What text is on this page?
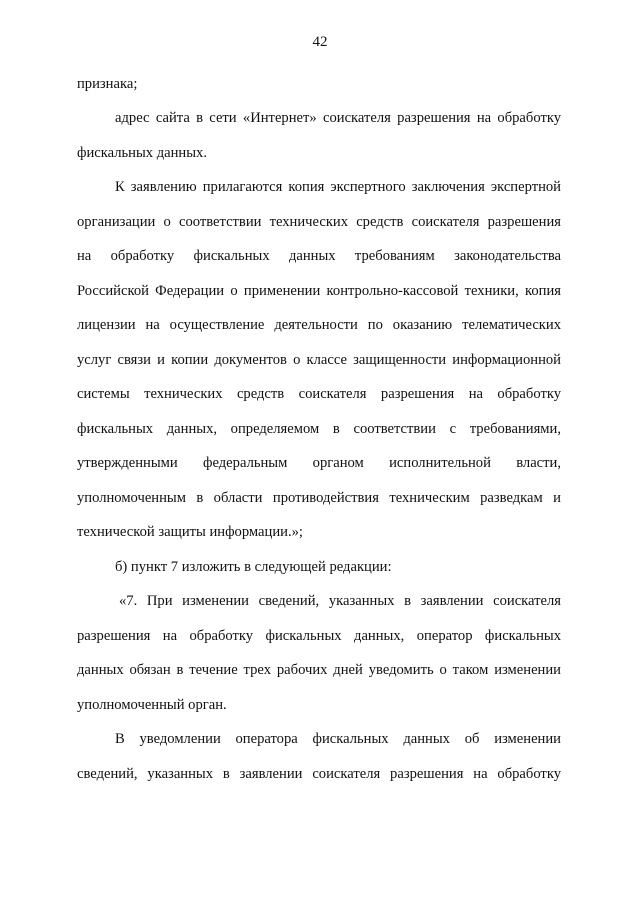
42
признака;
адрес сайта в сети «Интернет» соискателя разрешения на обработку
фискальных данных.
К заявлению прилагаются копия экспертного заключения экспертной
организации о соответствии технических средств соискателя разрешения
на обработку фискальных данных требованиям законодательства
Российской Федерации о применении контрольно-кассовой техники, копия
лицензии на осуществление деятельности по оказанию телематических
услуг связи и копии документов о классе защищенности информационной
системы технических средств соискателя разрешения на обработку
фискальных данных, определяемом в соответствии с требованиями,
утвержденными федеральным органом исполнительной власти,
уполномоченным в области противодействия техническим разведкам и
технической защиты информации.»;
б) пункт 7 изложить в следующей редакции:
«7. При изменении сведений, указанных в заявлении соискателя
разрешения на обработку фискальных данных, оператор фискальных
данных обязан в течение трех рабочих дней уведомить о таком изменении
уполномоченный орган.
В уведомлении оператора фискальных данных об изменении
сведений, указанных в заявлении соискателя разрешения на обработку
